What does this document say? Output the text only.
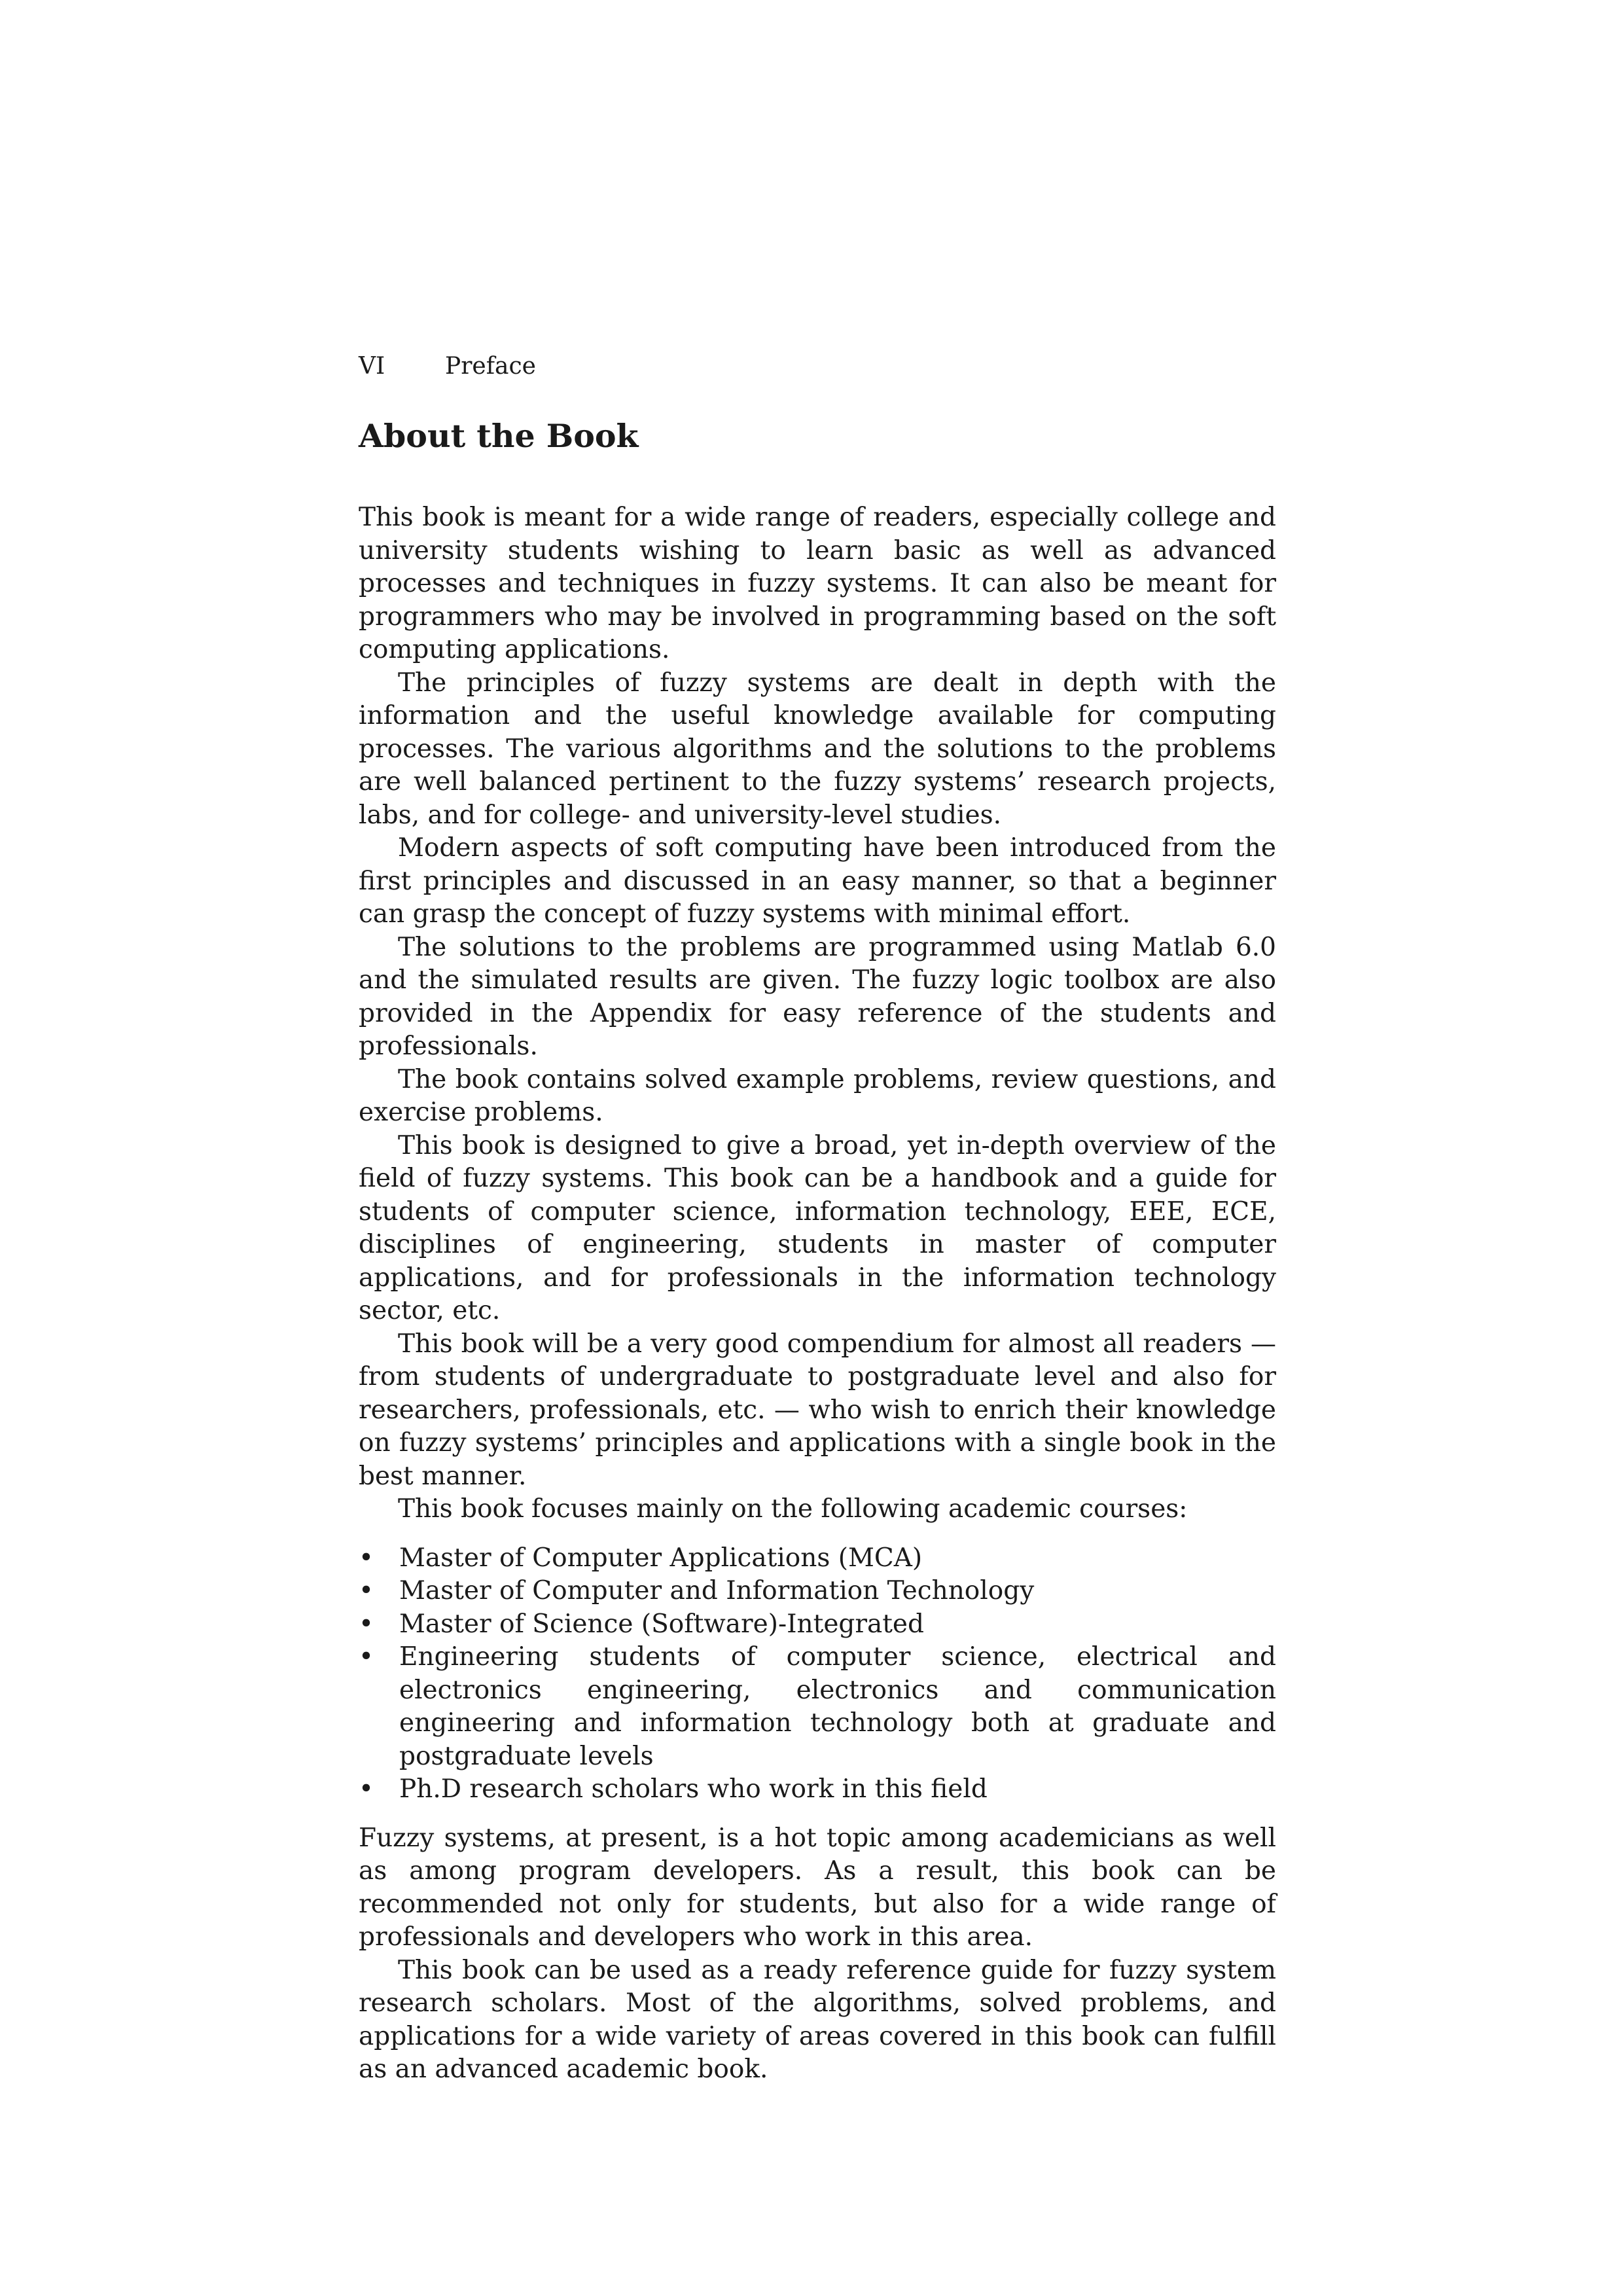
VI	Preface
About the Book

This book is meant for a wide range of readers, especially college and university students wishing to learn basic as well as advanced processes and techniques in fuzzy systems. It can also be meant for programmers who may be involved in programming based on the soft computing applications.

The principles of fuzzy systems are dealt in depth with the information and the useful knowledge available for computing processes. The various algorithms and the solutions to the problems are well balanced pertinent to the fuzzy systems’ research projects, labs, and for college- and university-level studies.

Modern aspects of soft computing have been introduced from the first principles and discussed in an easy manner, so that a beginner can grasp the concept of fuzzy systems with minimal effort.

The solutions to the problems are programmed using Matlab 6.0 and the simulated results are given. The fuzzy logic toolbox are also provided in the Appendix for easy reference of the students and professionals.

The book contains solved example problems, review questions, and exercise problems.

This book is designed to give a broad, yet in-depth overview of the field of fuzzy systems. This book can be a handbook and a guide for students of computer science, information technology, EEE, ECE, disciplines of engineering, students in master of computer applications, and for professionals in the information technology sector, etc.

This book will be a very good compendium for almost all readers — from students of undergraduate to postgraduate level and also for researchers, professionals, etc. — who wish to enrich their knowledge on fuzzy systems’ principles and applications with a single book in the best manner.

This book focuses mainly on the following academic courses:

• Master of Computer Applications (MCA)
• Master of Computer and Information Technology
• Master of Science (Software)-Integrated
• Engineering students of computer science, electrical and electronics engineering, electronics and communication engineering and information technology both at graduate and postgraduate levels
• Ph.D research scholars who work in this field

Fuzzy systems, at present, is a hot topic among academicians as well as among program developers. As a result, this book can be recommended not only for students, but also for a wide range of professionals and developers who work in this area.

This book can be used as a ready reference guide for fuzzy system research scholars. Most of the algorithms, solved problems, and applications for a wide variety of areas covered in this book can fulfill as an advanced academic book.
